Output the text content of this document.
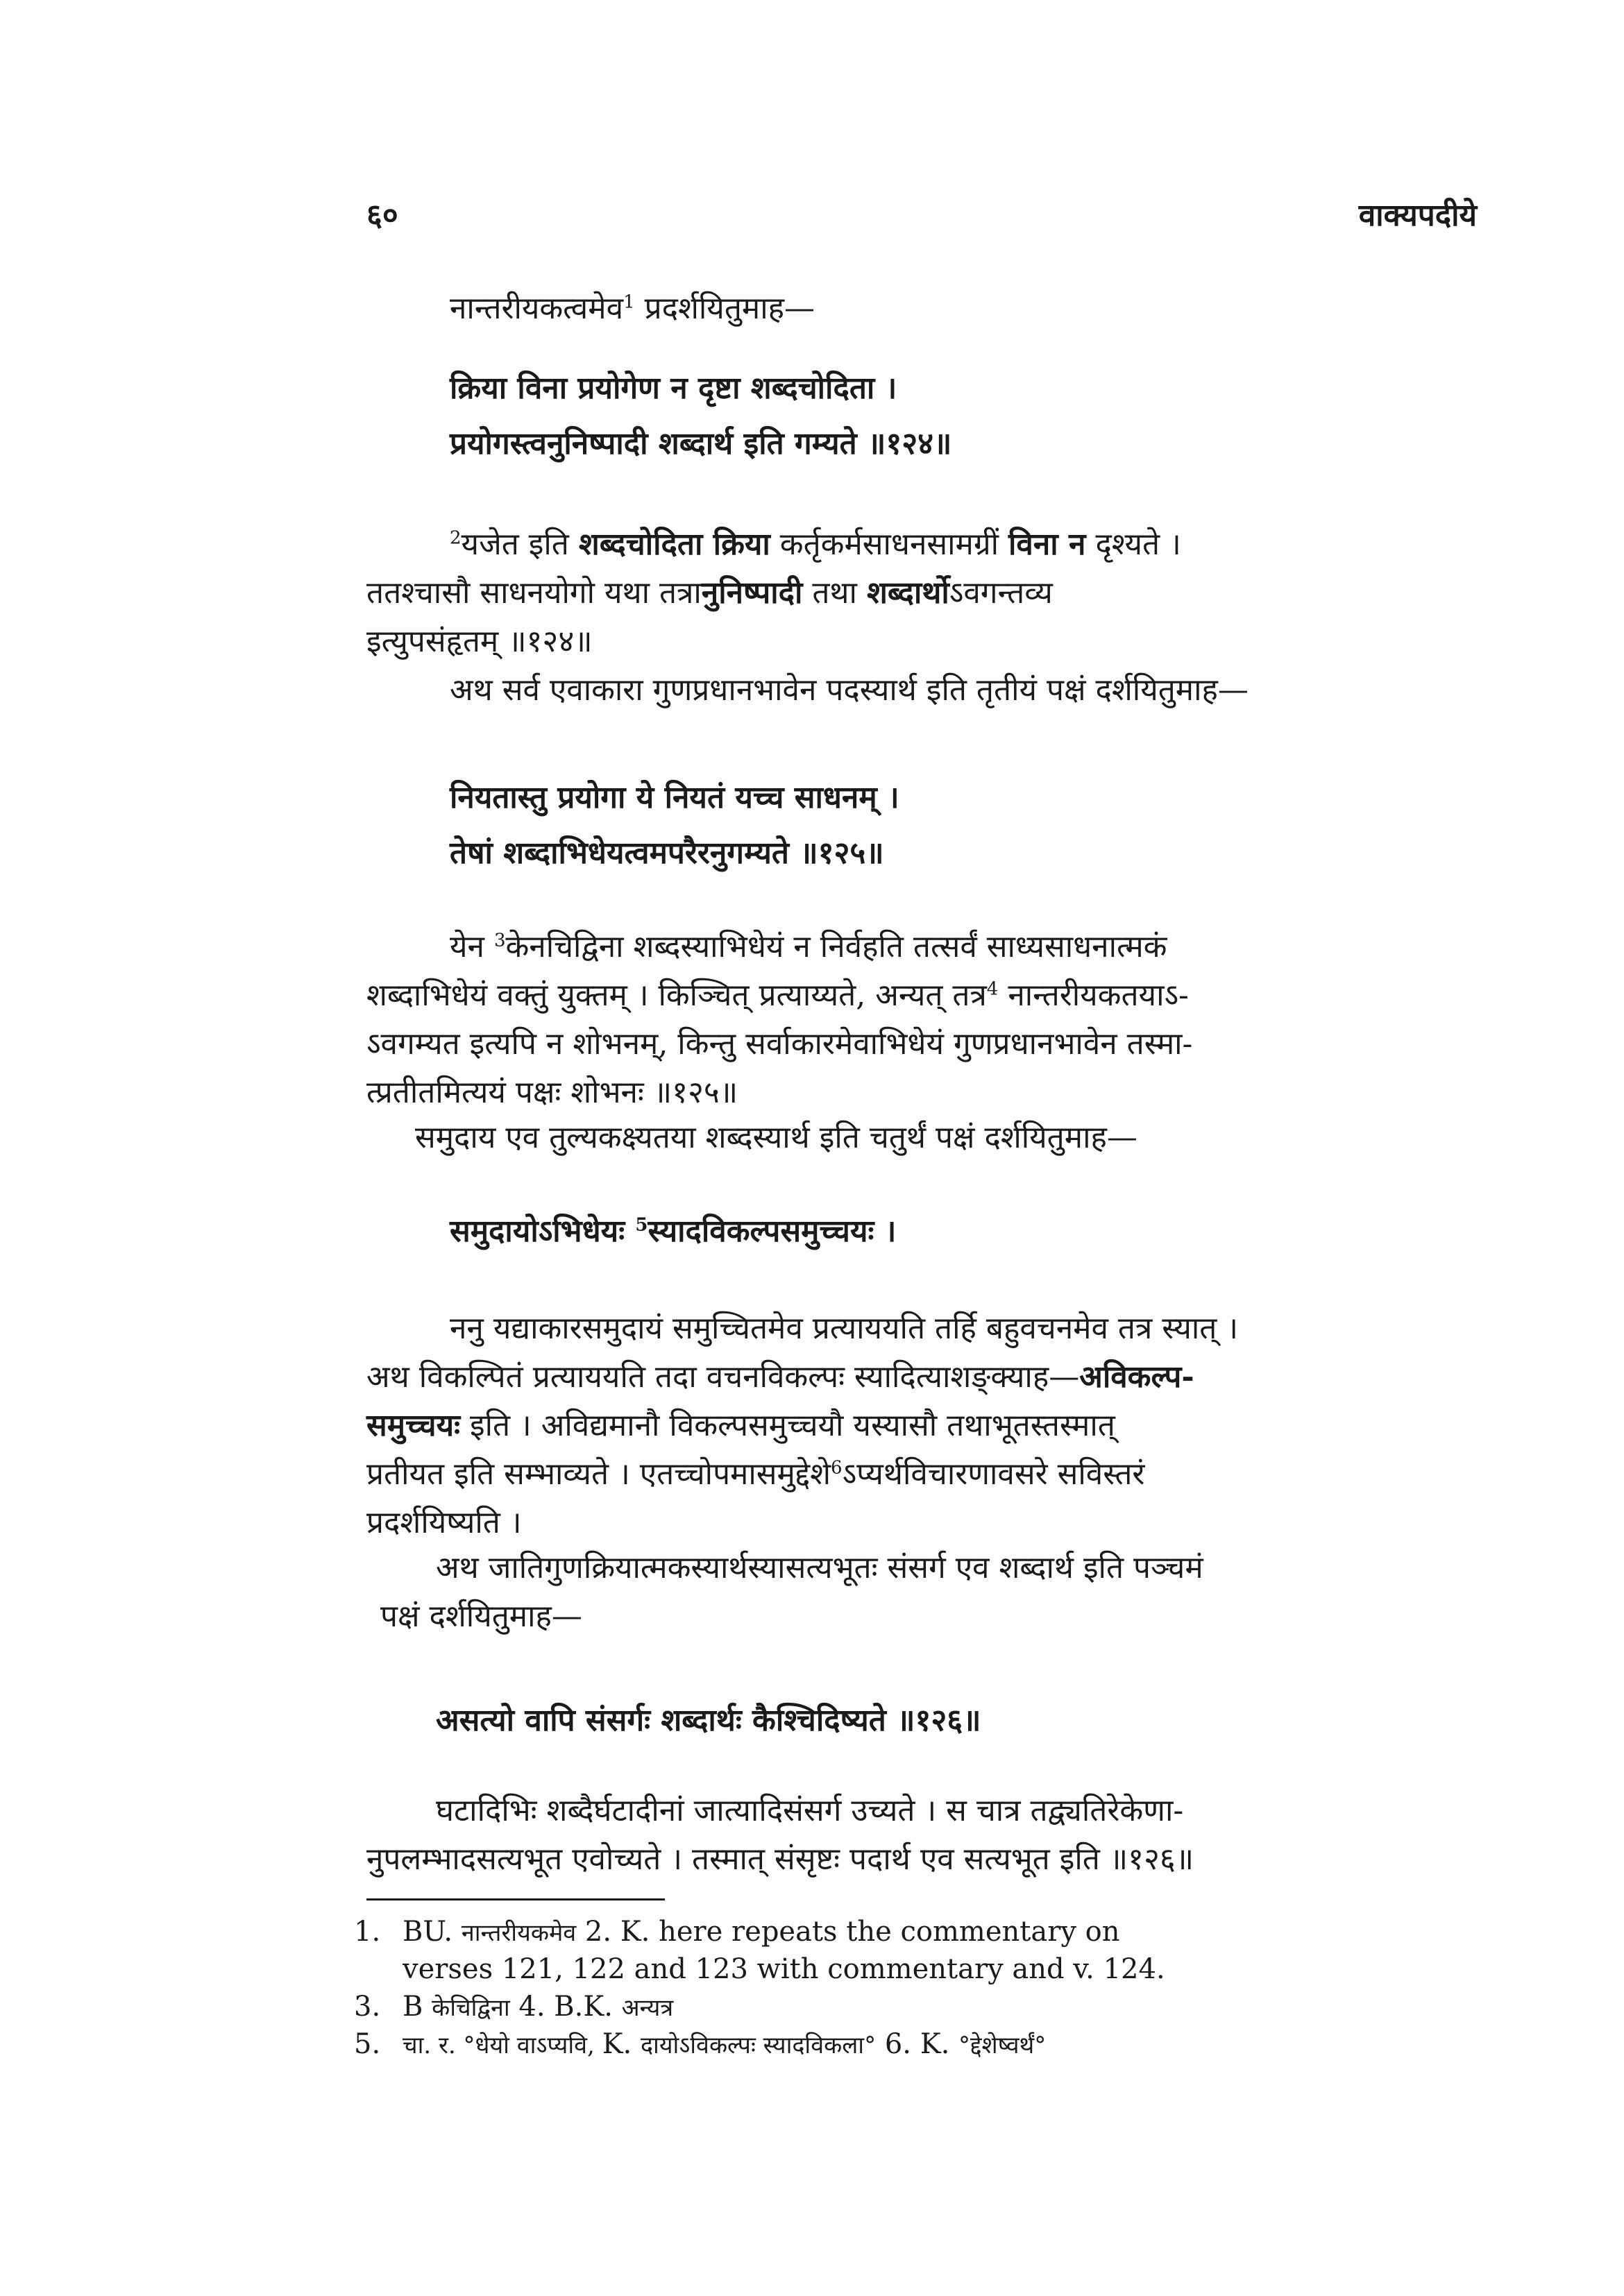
६०	वाक्यपदीये
नान्तरीयकत्वमेव$^1$ प्रदर्शयितुमाह—
क्रिया विना प्रयोगेण न दृष्टा शब्दचोदिता ।
प्रयोगस्त्वनुनिष्पादी शब्दार्थ इति गम्यते ॥१२४॥
$^2$यजेत इति शब्दचोदिता क्रिया कर्तृकर्मसाधनसामग्रीं विना न दृश्यते ।
ततश्चासौ साधनयोगो यथा तत्रानुनिष्पादी तथा शब्दार्थोऽवगन्तव्य
इत्युपसंहृतम् ॥१२४॥
अथ सर्व एवाकारा गुणप्रधानभावेन पदस्यार्थ इति तृतीयं पक्षं दर्शयितुमाह—
नियतास्तु प्रयोगा ये नियतं यच्च साधनम् ।
तेषां शब्दाभिधेयत्वमपरैरनुगम्यते ॥१२५॥
येन $^3$केनचिद्विना शब्दस्याभिधेयं न निर्वहति तत्सर्वं साध्यसाधनात्मकं
शब्दाभिधेयं वक्तुं युक्तम् । किञ्चित् प्रत्याय्यते, अन्यत् तत्र$^4$ नान्तरीयकतयाऽ-
ऽवगम्यत इत्यपि न शोभनम्, किन्तु सर्वाकारमेवाभिधेयं गुणप्रधानभावेन तस्मा-
त्प्रतीतमित्ययं पक्षः शोभनः ॥१२५॥
समुदाय एव तुल्यकक्ष्यतया शब्दस्यार्थ इति चतुर्थं पक्षं दर्शयितुमाह—
समुदायोऽभिधेयः $^5$स्यादविकल्पसमुच्चयः ।
ननु यद्याकारसमुदायं समुच्चितमेव प्रत्याययति तर्हि बहुवचनमेव तत्र स्यात् ।
अथ विकल्पितं प्रत्याययति तदा वचनविकल्पः स्यादित्याशङ्क्याह—अविकल्प-
समुच्चयः इति । अविद्यमानौ विकल्पसमुच्चयौ यस्यासौ तथाभूतस्तस्मात्
प्रतीयत इति सम्भाव्यते । एतच्चोपमासमुद्देशे$^6$ऽप्यर्थविचारणावसरे सविस्तरं
प्रदर्शयिष्यति ।
अथ जातिगुणक्रियात्मकस्यार्थस्यासत्यभूतः संसर्ग एव शब्दार्थ इति पञ्चमं
पक्षं दर्शयितुमाह—
असत्यो वापि संसर्गः शब्दार्थः कैश्चिदिष्यते ॥१२६॥
घटादिभिः शब्दैर्घटादीनां जात्यादिसंसर्ग उच्यते । स चात्र तद्व्यतिरेकेणा-
नुपलम्भादसत्यभूत एवोच्यते । तस्मात् संसृष्टः पदार्थ एव सत्यभूत इति ॥१२६॥
1. BU. नान्तरीयकमेव 2. K. here repeats the commentary on
verses 121, 122 and 123 with commentary and v. 124.
3. B केचिद्विना 4. B.K. अन्यत्र
5. चा. र. °धेयो वाऽप्यवि, K. दायोऽविकल्पः स्यादविकला° 6. K. °द्देशेष्वर्थं°
